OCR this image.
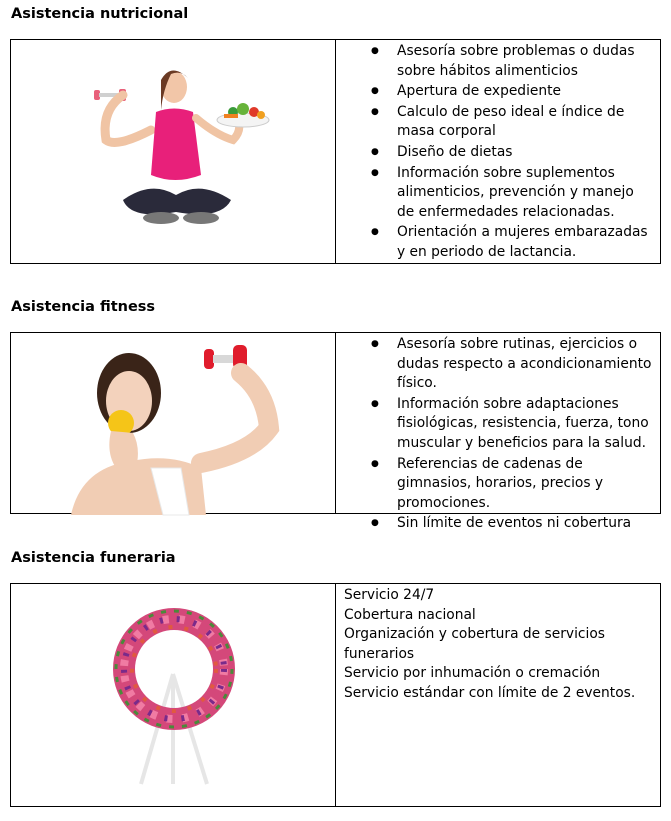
Asistencia nutricional
● Asesoría sobre problemas o dudas sobre hábitos alimenticios
● Apertura de expediente
● Calculo de peso ideal e índice de masa corporal
● Diseño de dietas
● Información sobre suplementos alimenticios, prevención y manejo de enfermedades relacionadas.
● Orientación a mujeres embarazadas y en periodo de lactancia.
Asistencia fitness
● Asesoría sobre rutinas, ejercicios o dudas respecto a acondicionamiento físico.
● Información sobre adaptaciones fisiológicas, resistencia, fuerza, tono muscular y beneficios para la salud.
● Referencias de cadenas de gimnasios, horarios, precios y promociones.
● Sin límite de eventos ni cobertura
Asistencia funeraria
Servicio 24/7
Cobertura nacional
Organización y cobertura de servicios funerarios
Servicio por inhumación o cremación
Servicio estándar con límite de 2 eventos.
